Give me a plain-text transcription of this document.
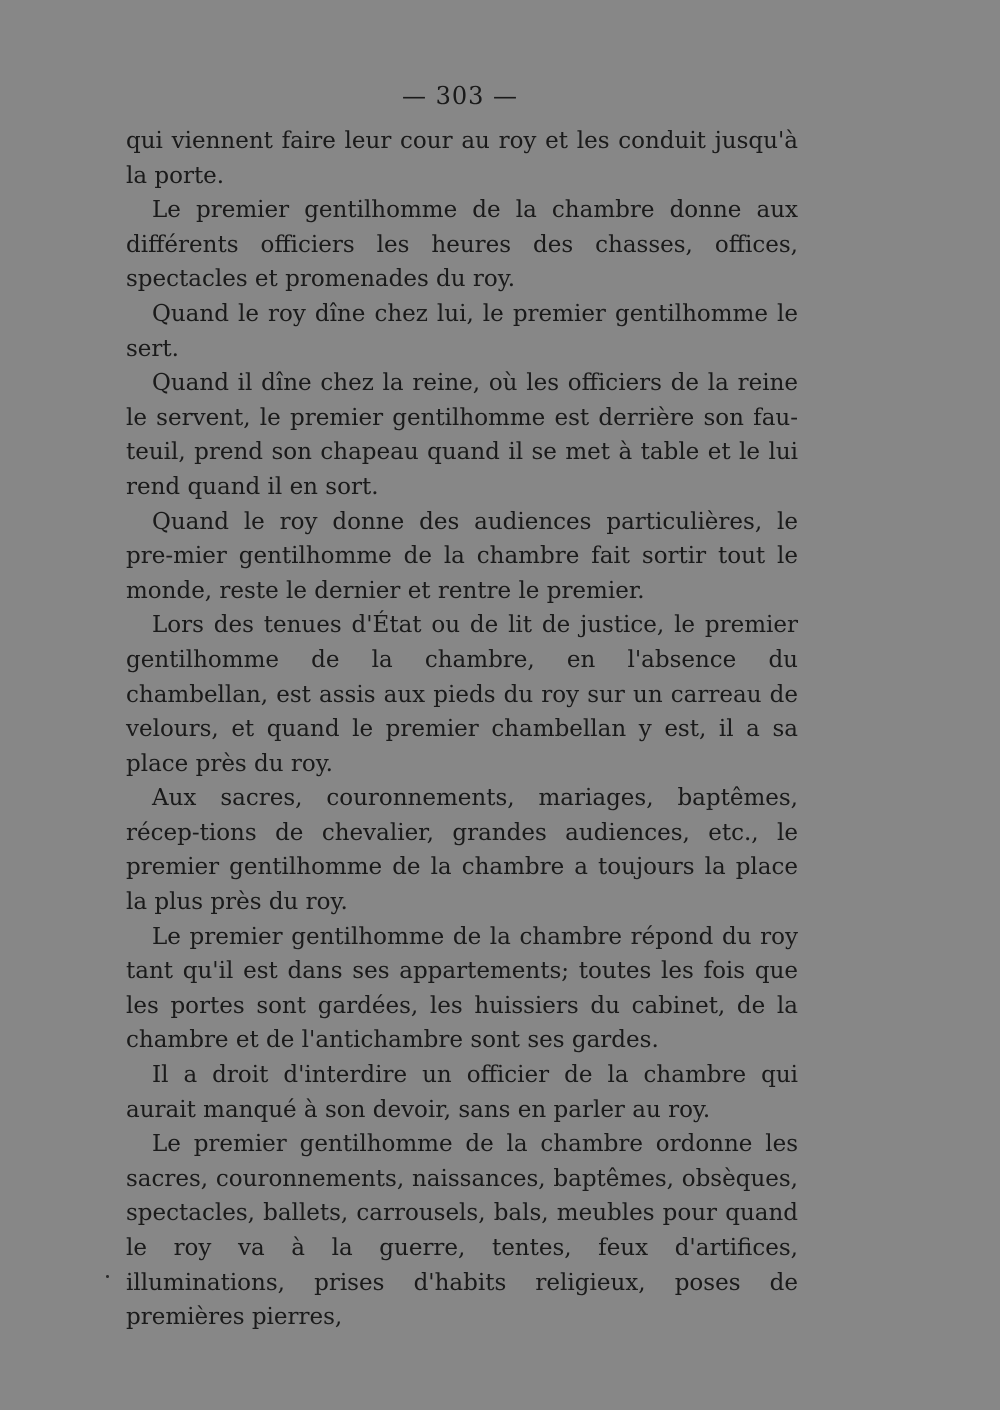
— 303 —

qui viennent faire leur cour au roy et les conduit jusqu'à la porte.

Le premier gentilhomme de la chambre donne aux différents officiers les heures des chasses, offices, spectacles et promenades du roy.

Quand le roy dîne chez lui, le premier gentilhomme le sert.

Quand il dîne chez la reine, où les officiers de la reine le servent, le premier gentilhomme est derrière son fau-teuil, prend son chapeau quand il se met à table et le lui rend quand il en sort.

Quand le roy donne des audiences particulières, le pre-mier gentilhomme de la chambre fait sortir tout le monde, reste le dernier et rentre le premier.

Lors des tenues d'État ou de lit de justice, le premier gentilhomme de la chambre, en l'absence du chambellan, est assis aux pieds du roy sur un carreau de velours, et quand le premier chambellan y est, il a sa place près du roy.

Aux sacres, couronnements, mariages, baptêmes, récep-tions de chevalier, grandes audiences, etc., le premier gentilhomme de la chambre a toujours la place la plus près du roy.

Le premier gentilhomme de la chambre répond du roy tant qu'il est dans ses appartements; toutes les fois que les portes sont gardées, les huissiers du cabinet, de la chambre et de l'antichambre sont ses gardes.

Il a droit d'interdire un officier de la chambre qui aurait manqué à son devoir, sans en parler au roy.

Le premier gentilhomme de la chambre ordonne les sacres, couronnements, naissances, baptêmes, obsèques, spectacles, ballets, carrousels, bals, meubles pour quand le roy va à la guerre, tentes, feux d'artifices, illuminations, prises d'habits religieux, poses de premières pierres,
